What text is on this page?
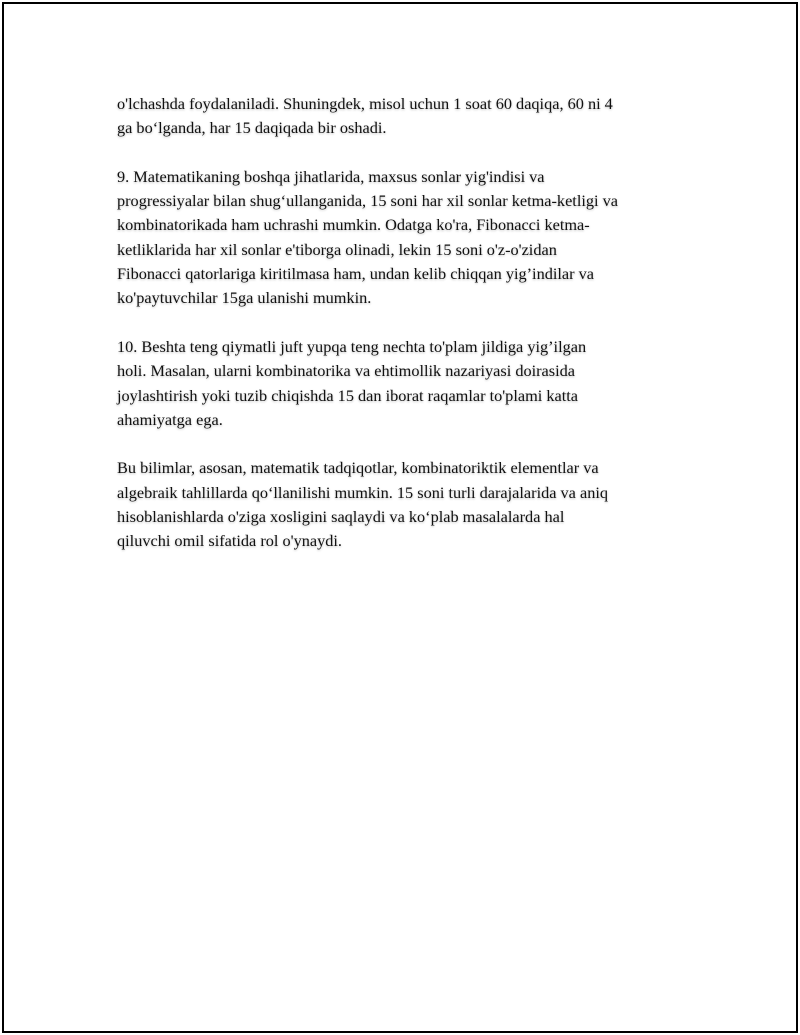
o'lchashda foydalaniladi. Shuningdek, misol uchun 1 soat 60 daqiqa, 60 ni 4
ga bo‘lganda, har 15 daqiqada bir oshadi.

9. Matematikaning boshqa jihatlarida, maxsus sonlar yig'indisi va
progressiyalar bilan shug‘ullanganida, 15 soni har xil sonlar ketma-ketligi va
kombinatorikada ham uchrashi mumkin. Odatga ko'ra, Fibonacci ketma-
ketliklarida har xil sonlar e'tiborga olinadi, lekin 15 soni o'z-o'zidan
Fibonacci qatorlariga kiritilmasa ham, undan kelib chiqqan yig’indilar va
ko'paytuvchilar 15ga ulanishi mumkin.

10. Beshta teng qiymatli juft yupqa teng nechta to'plam jildiga yig’ilgan
holi. Masalan, ularni kombinatorika va ehtimollik nazariyasi doirasida
joylashtirish yoki tuzib chiqishda 15 dan iborat raqamlar to'plami katta
ahamiyatga ega.

Bu bilimlar, asosan, matematik tadqiqotlar, kombinatoriktik elementlar va
algebraik tahlillarda qo‘llanilishi mumkin. 15 soni turli darajalarida va aniq
hisoblanishlarda o'ziga xosligini saqlaydi va ko‘plab masalalarda hal
qiluvchi omil sifatida rol o'ynaydi.
